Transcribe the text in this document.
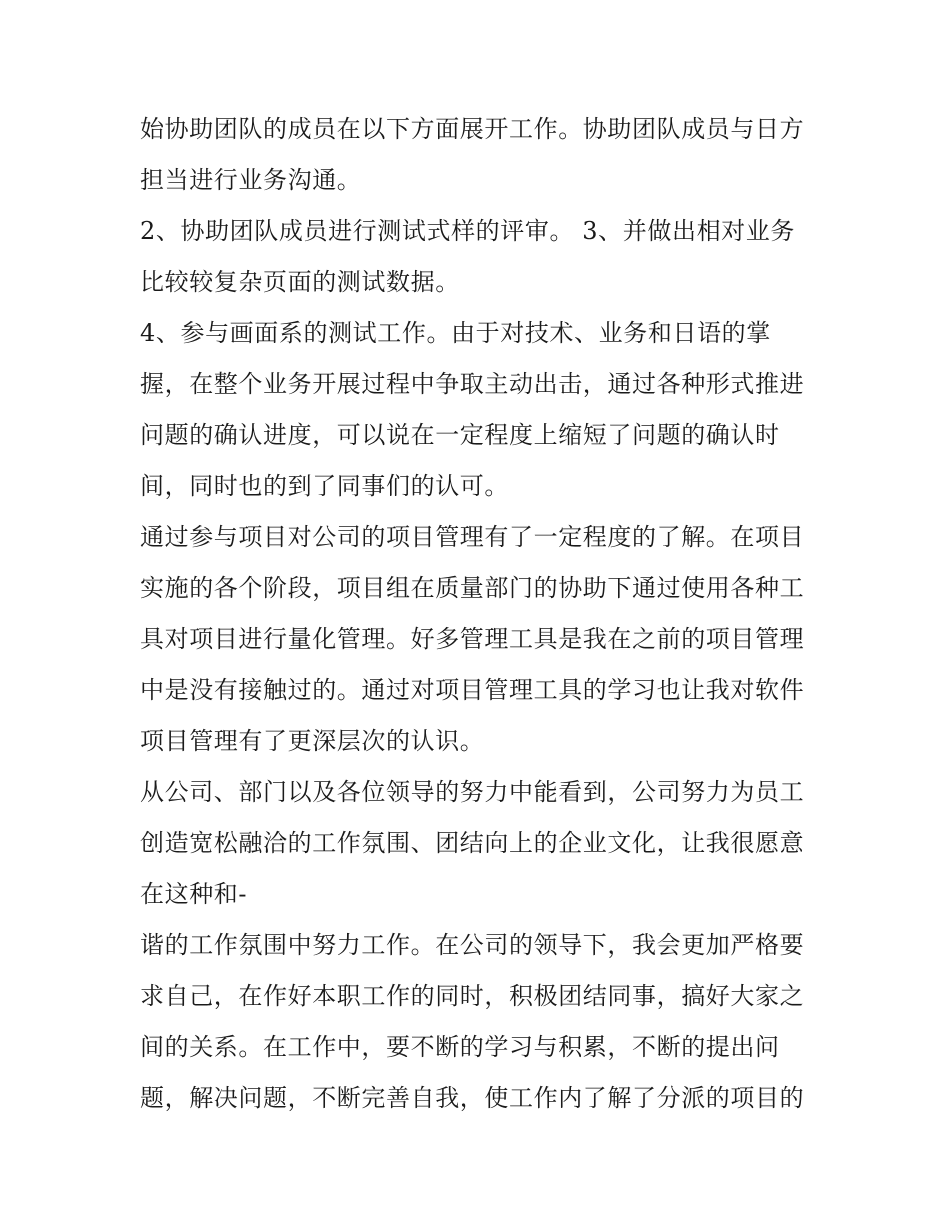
始协助团队的成员在以下方面展开工作。协助团队成员与日方
担当进行业务沟通。
2、协助团队成员进行测试式样的评审。 3、并做出相对业务
比较较复杂页面的测试数据。
4、参与画面系的测试工作。由于对技术、业务和日语的掌
握，在整个业务开展过程中争取主动出击，通过各种形式推进
问题的确认进度，可以说在一定程度上缩短了问题的确认时
间，同时也的到了同事们的认可。
通过参与项目对公司的项目管理有了一定程度的了解。在项目
实施的各个阶段，项目组在质量部门的协助下通过使用各种工
具对项目进行量化管理。好多管理工具是我在之前的项目管理
中是没有接触过的。通过对项目管理工具的学习也让我对软件
项目管理有了更深层次的认识。
从公司、部门以及各位领导的努力中能看到，公司努力为员工
创造宽松融洽的工作氛围、团结向上的企业文化，让我很愿意
在这种和-
谐的工作氛围中努力工作。在公司的领导下，我会更加严格要
求自己，在作好本职工作的同时，积极团结同事，搞好大家之
间的关系。在工作中，要不断的学习与积累，不断的提出问
题，解决问题，不断完善自我，使工作内了解了分派的项目的
